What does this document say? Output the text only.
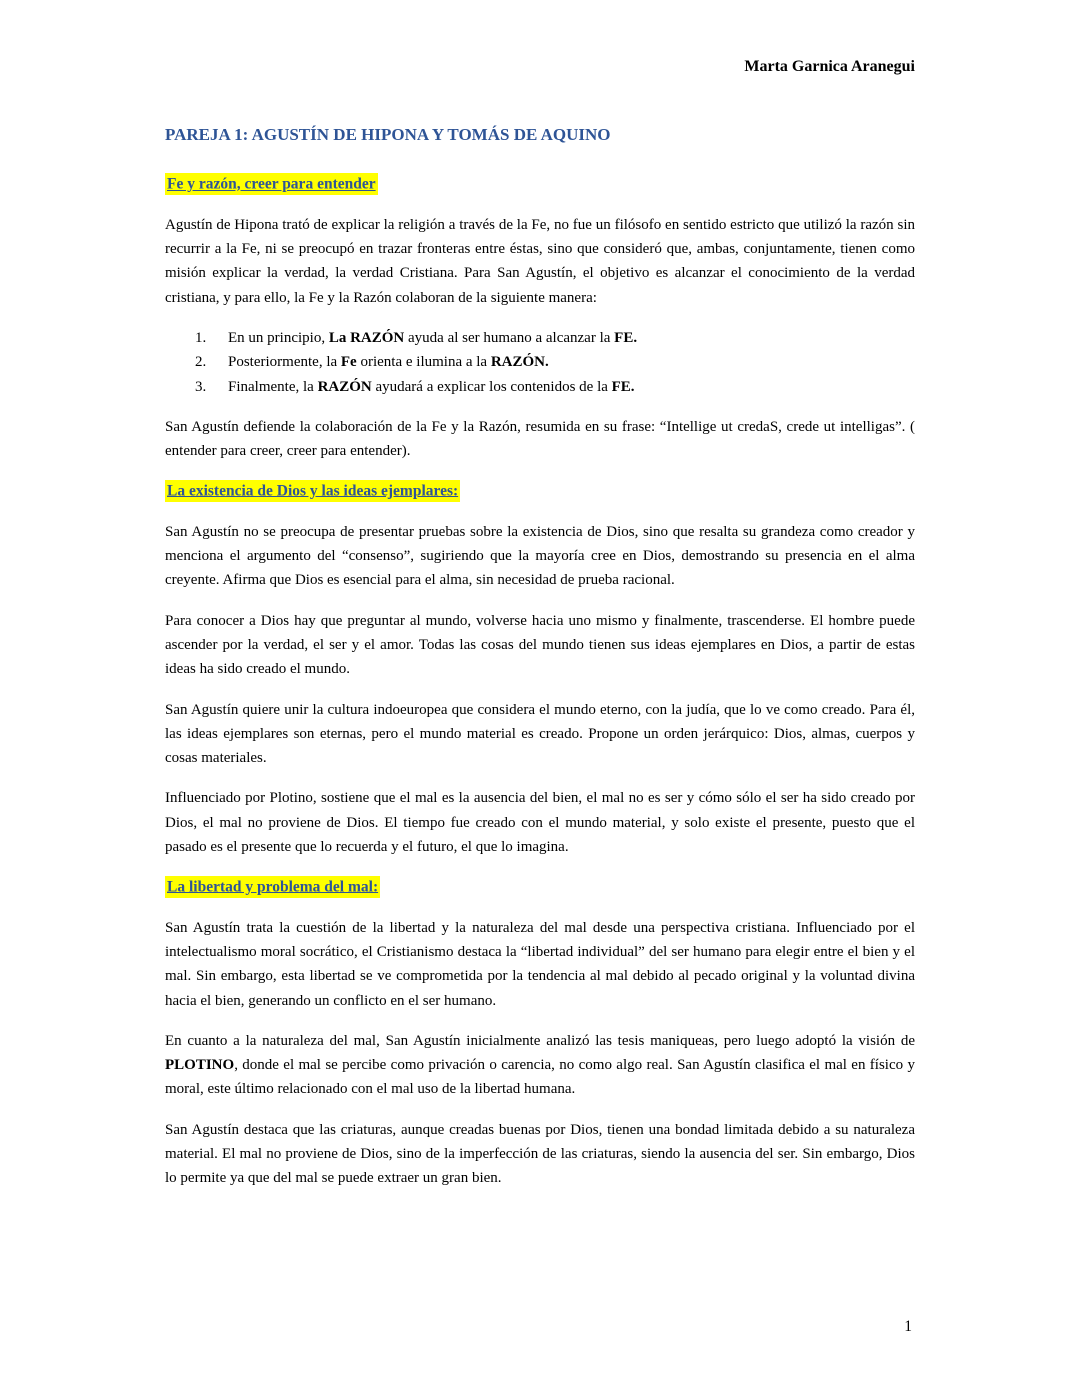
Marta Garnica Aranegui
PAREJA 1: AGUSTÍN DE HIPONA Y TOMÁS DE AQUINO
Fe y razón, creer para entender

Agustín de Hipona trató de explicar la religión a través de la Fe, no fue un filósofo en sentido estricto que utilizó la razón sin recurrir a la Fe, ni se preocupó en trazar fronteras entre éstas, sino que consideró que, ambas, conjuntamente, tienen como misión explicar la verdad, la verdad Cristiana. Para San Agustín, el objetivo es alcanzar el conocimiento de la verdad cristiana, y para ello, la Fe y la Razón colaboran de la siguiente manera:

1.	En un principio, La RAZÓN ayuda al ser humano a alcanzar la FE.
2.	Posteriormente, la Fe orienta e ilumina a la RAZÓN.
3.	Finalmente, la RAZÓN ayudará a explicar los contenidos de la FE.

San Agustín defiende la colaboración de la Fe y la Razón, resumida en su frase: “Intellige ut credaS, crede ut intelligas”. ( entender para creer, creer para entender).

La existencia de Dios y las ideas ejemplares:

San Agustín no se preocupa de presentar pruebas sobre la existencia de Dios, sino que resalta su grandeza como creador y menciona el argumento del “consenso”, sugiriendo que la mayoría cree en Dios, demostrando su presencia en el alma creyente. Afirma que Dios es esencial para el alma, sin necesidad de prueba racional.

Para conocer a Dios hay que preguntar al mundo, volverse hacia uno mismo y finalmente, trascenderse. El hombre puede ascender por la verdad, el ser y el amor. Todas las cosas del mundo tienen sus ideas ejemplares en Dios, a partir de estas ideas ha sido creado el mundo.

San Agustín quiere unir la cultura indoeuropea que considera el mundo eterno, con la judía, que lo ve como creado. Para él, las ideas ejemplares son eternas, pero el mundo material es creado. Propone un orden jerárquico: Dios, almas, cuerpos y cosas materiales.

Influenciado por Plotino, sostiene que el mal es la ausencia del bien, el mal no es ser y cómo sólo el ser ha sido creado por Dios, el mal no proviene de Dios. El tiempo fue creado con el mundo material, y solo existe el presente, puesto que el pasado es el presente que lo recuerda y el futuro, el que lo imagina.

La libertad y problema del mal:

San Agustín trata la cuestión de la libertad y la naturaleza del mal desde una perspectiva cristiana. Influenciado por el intelectualismo moral socrático, el Cristianismo destaca la “libertad individual” del ser humano para elegir entre el bien y el mal. Sin embargo, esta libertad se ve comprometida por la tendencia al mal debido al pecado original y la voluntad divina hacia el bien, generando un conflicto en el ser humano.

En cuanto a la naturaleza del mal, San Agustín inicialmente analizó las tesis maniqueas, pero luego adoptó la visión de PLOTINO, donde el mal se percibe como privación o carencia, no como algo real. San Agustín clasifica el mal en físico y moral, este último relacionado con el mal uso de la libertad humana.

San Agustín destaca que las criaturas, aunque creadas buenas por Dios, tienen una bondad limitada debido a su naturaleza material. El mal no proviene de Dios, sino de la imperfección de las criaturas, siendo la ausencia del ser. Sin embargo, Dios lo permite ya que del mal se puede extraer un gran bien.

1
